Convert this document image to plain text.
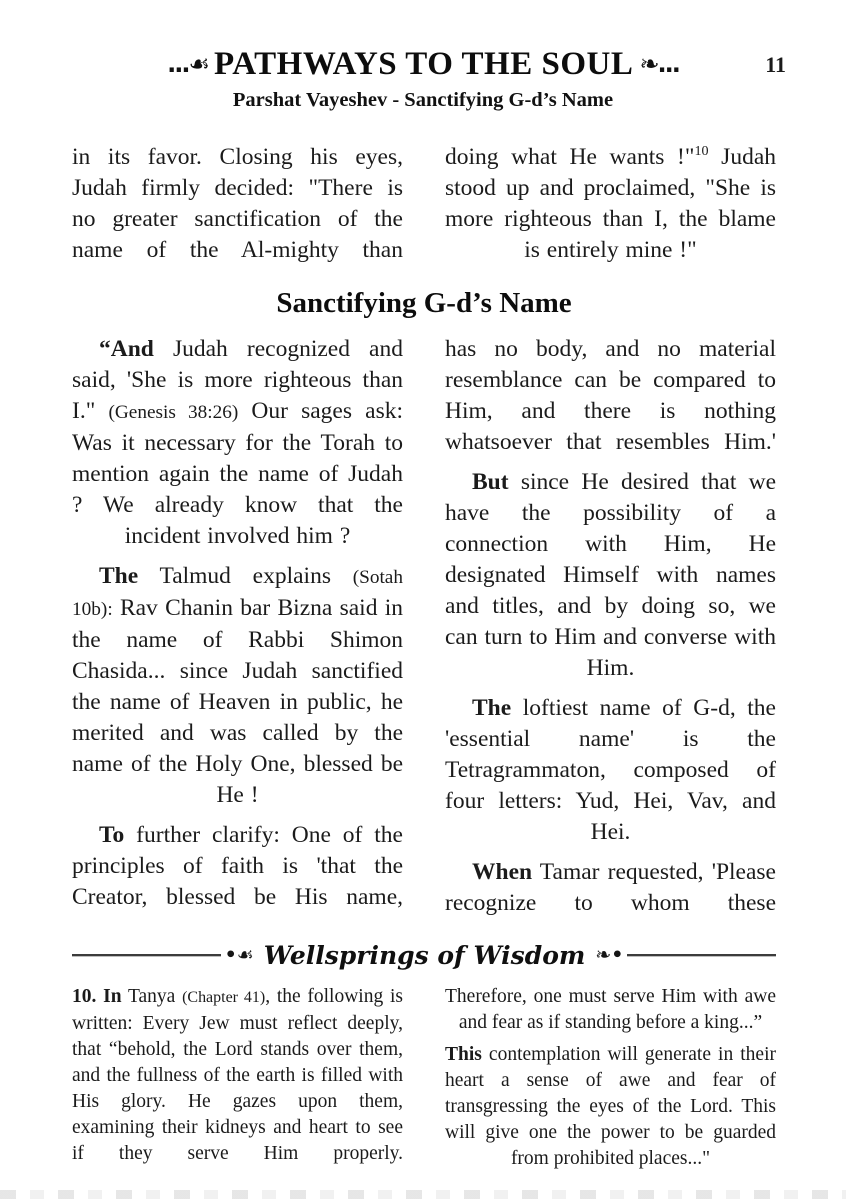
...☙ PATHWAYS TO THE SOUL ❧...	11
Parshat Vayeshev - Sanctifying G-d’s Name

in its favor. Closing his eyes, Judah firmly decided: "There is no greater sanctification of the name of the Al-mighty than

doing what He wants !"$^{10}$ Judah stood up and proclaimed, "She is more righteous than I, the blame is entirely mine !"

Sanctifying G-d’s Name

“And Judah recognized and said, 'She is more righteous than I." (Genesis 38:26) Our sages ask: Was it necessary for the Torah to mention again the name of Judah ? We already know that the incident involved him ?

The Talmud explains (Sotah 10b): Rav Chanin bar Bizna said in the name of Rabbi Shimon Chasida... since Judah sanctified the name of Heaven in public, he merited and was called by the name of the Holy One, blessed be He !

To further clarify: One of the principles of faith is 'that the Creator, blessed be His name,

has no body, and no material resemblance can be compared to Him, and there is nothing whatsoever that resembles Him.'

But since He desired that we have the possibility of a connection with Him, He designated Himself with names and titles, and by doing so, we can turn to Him and converse with Him.

The loftiest name of G-d, the 'essential name' is the Tetragrammaton, composed of four letters: Yud, Hei, Vav, and Hei.

When Tamar requested, 'Please recognize to whom these

•☙ Wellsprings of Wisdom ❧•

10. In Tanya (Chapter 41), the following is written: Every Jew must reflect deeply, that “behold, the Lord stands over them, and the fullness of the earth is filled with His glory. He gazes upon them, examining their kidneys and heart to see if they serve Him properly.

Therefore, one must serve Him with awe and fear as if standing before a king...”

This contemplation will generate in their heart a sense of awe and fear of transgressing the eyes of the Lord. This will give one the power to be guarded from prohibited places..."
